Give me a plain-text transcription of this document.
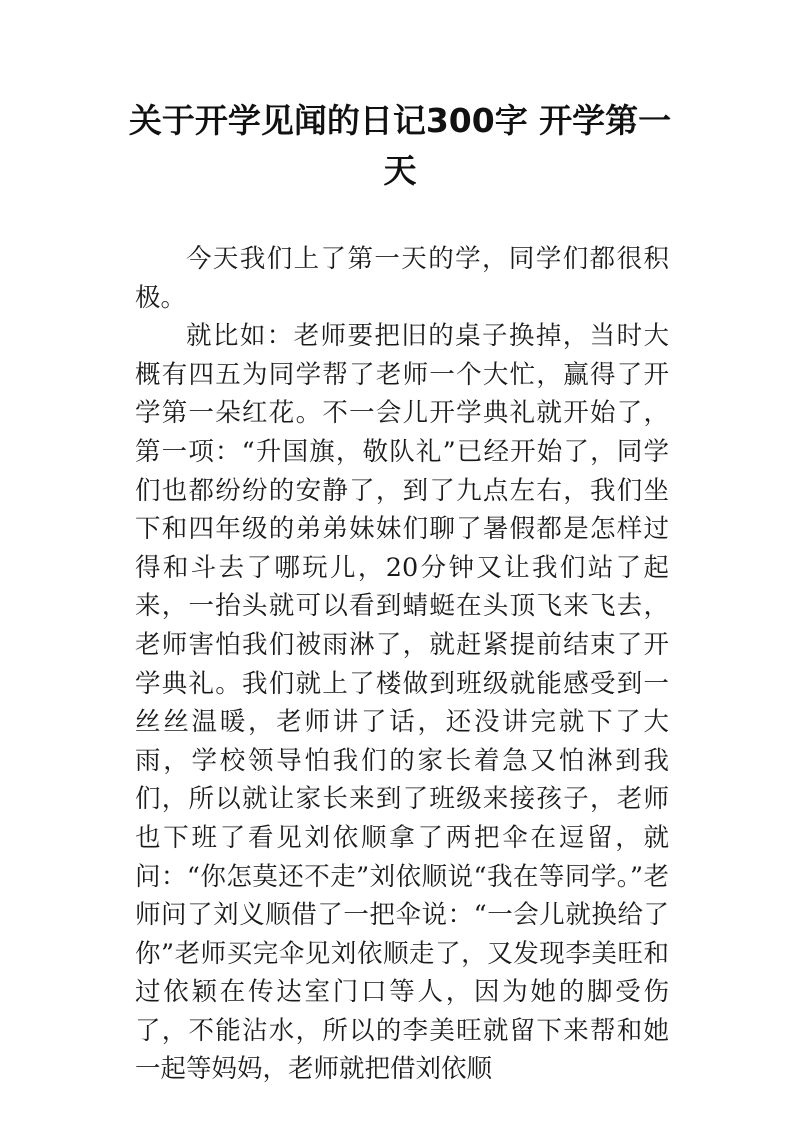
关于开学见闻的日记300字 开学第一天

今天我们上了第一天的学，同学们都很积极。

就比如：老师要把旧的桌子换掉，当时大概有四五为同学帮了老师一个大忙，赢得了开学第一朵红花。不一会儿开学典礼就开始了，第一项：“升国旗，敬队礼”已经开始了，同学们也都纷纷的安静了，到了九点左右，我们坐下和四年级的弟弟妹妹们聊了暑假都是怎样过得和斗去了哪玩儿，20分钟又让我们站了起来，一抬头就可以看到蜻蜓在头顶飞来飞去，老师害怕我们被雨淋了，就赶紧提前结束了开学典礼。我们就上了楼做到班级就能感受到一丝丝温暖，老师讲了话，还没讲完就下了大雨，学校领导怕我们的家长着急又怕淋到我们，所以就让家长来到了班级来接孩子，老师也下班了看见刘依顺拿了两把伞在逗留，就问：“你怎莫还不走”刘依顺说“我在等同学。”老师问了刘义顺借了一把伞说：“一会儿就换给了你”老师买完伞见刘依顺走了，又发现李美旺和过依颖在传达室门口等人，因为她的脚受伤了，不能沾水，所以的李美旺就留下来帮和她一起等妈妈，老师就把借刘依顺
